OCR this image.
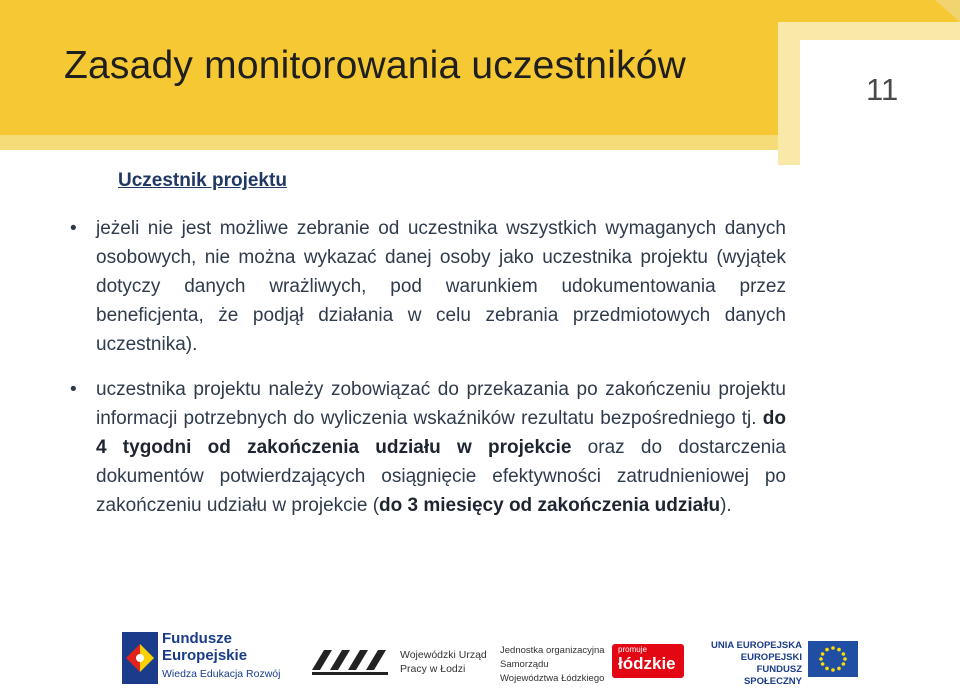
Zasady monitorowania uczestników
11
Uczestnik projektu
• jeżeli nie jest możliwe zebranie od uczestnika wszystkich wymaganych danych osobowych, nie można wykazać danej osoby jako uczestnika projektu (wyjątek dotyczy danych wrażliwych, pod warunkiem udokumentowania przez beneficjenta, że podjął działania w celu zebrania przedmiotowych danych uczestnika).
• uczestnika projektu należy zobowiązać do przekazania po zakończeniu projektu informacji potrzebnych do wyliczenia wskaźników rezultatu bezpośredniego tj. do 4 tygodni od zakończenia udziału w projekcie oraz do dostarczenia dokumentów potwierdzających osiągnięcie efektywności zatrudnieniowej po zakończeniu udziału w projekcie (do 3 miesięcy od zakończenia udziału).
Fundusze
Europejskie
Wiedza Edukacja Rozwój
Wojewódzki Urząd
Pracy w Łodzi
Jednostka organizacyjna
Samorządu
Województwa Łódzkiego
promuje
łódzkie
UNIA EUROPEJSKA
EUROPEJSKI
FUNDUSZ SPOŁECZNY
